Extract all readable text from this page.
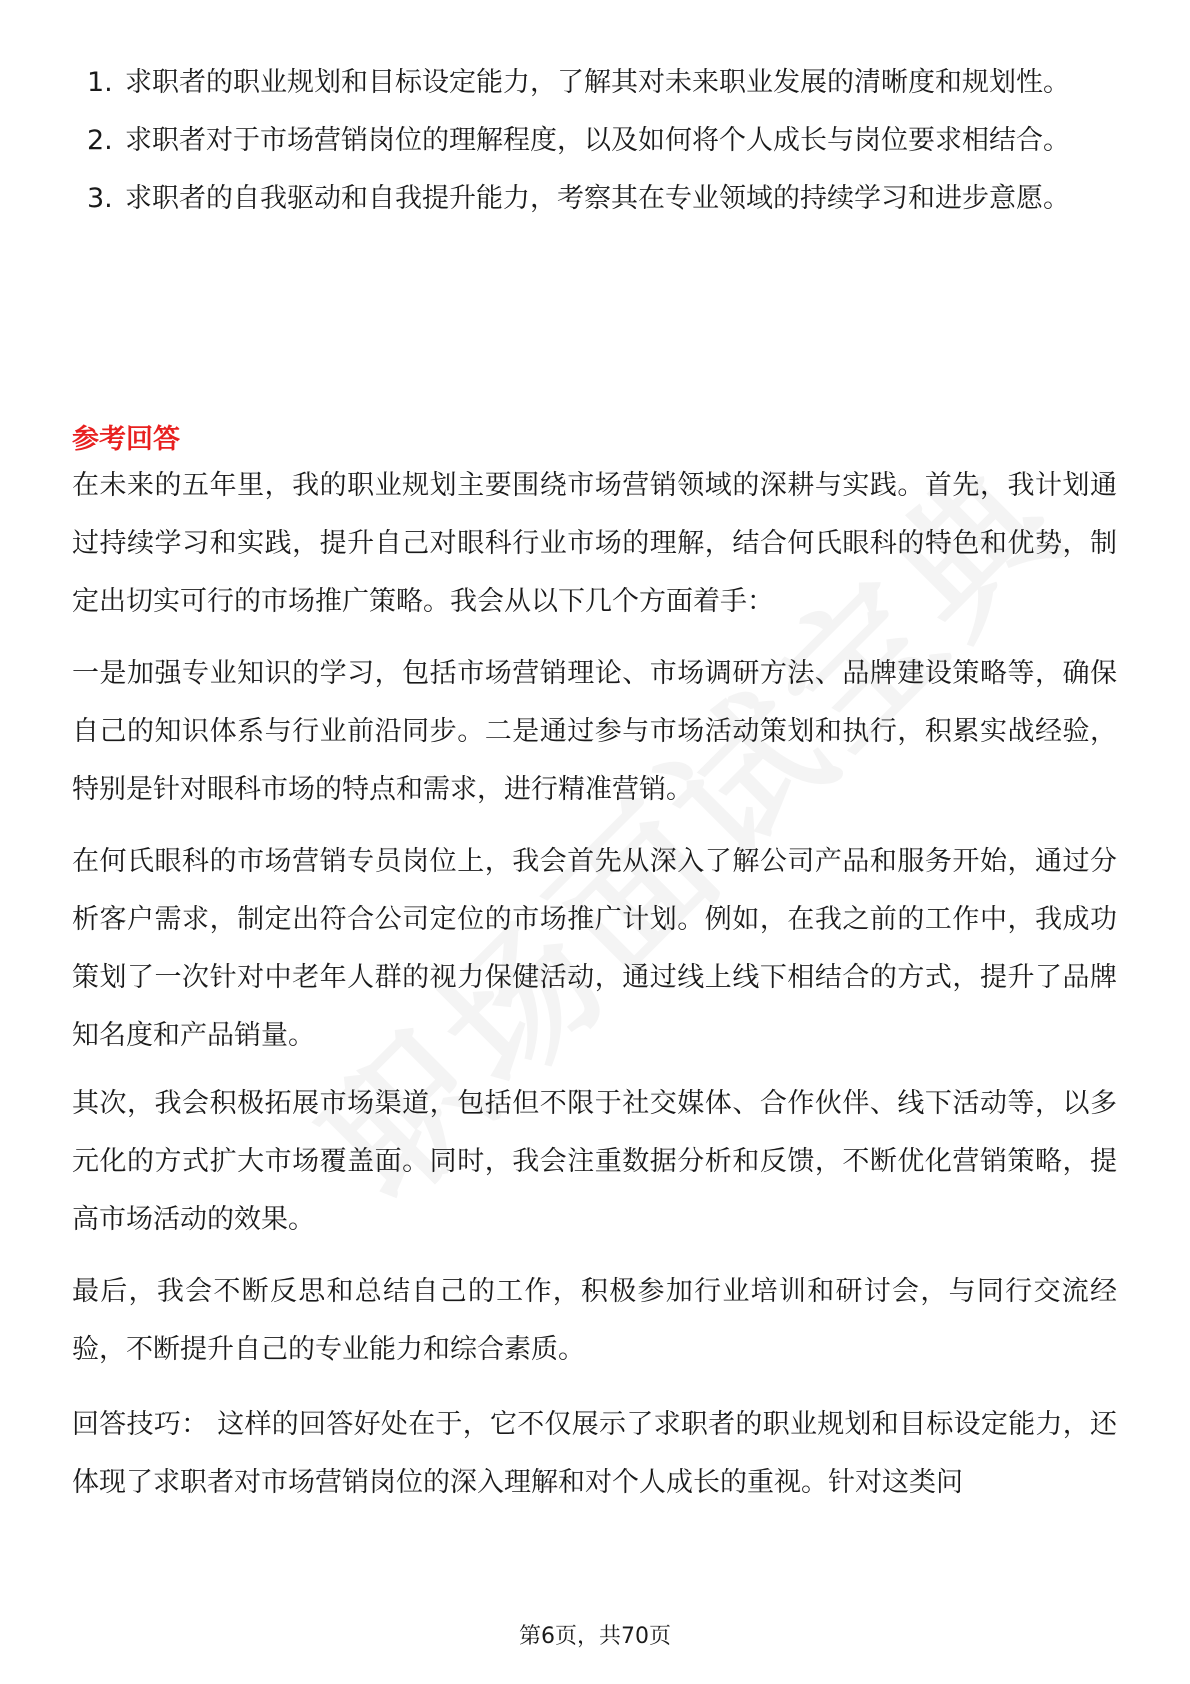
1. 求职者的职业规划和目标设定能力，了解其对未来职业发展的清晰度和规划性。
2. 求职者对于市场营销岗位的理解程度，以及如何将个人成长与岗位要求相结合。
3. 求职者的自我驱动和自我提升能力，考察其在专业领域的持续学习和进步意愿。
参考回答

在未来的五年里，我的职业规划主要围绕市场营销领域的深耕与实践。首先，我计划通过持续学习和实践，提升自己对眼科行业市场的理解，结合何氏眼科的特色和优势，制定出切实可行的市场推广策略。我会从以下几个方面着手：

一是加强专业知识的学习，包括市场营销理论、市场调研方法、品牌建设策略等，确保自己的知识体系与行业前沿同步。二是通过参与市场活动策划和执行，积累实战经验，特别是针对眼科市场的特点和需求，进行精准营销。

在何氏眼科的市场营销专员岗位上，我会首先从深入了解公司产品和服务开始，通过分析客户需求，制定出符合公司定位的市场推广计划。例如，在我之前的工作中，我成功策划了一次针对中老年人群的视力保健活动，通过线上线下相结合的方式，提升了品牌知名度和产品销量。

其次，我会积极拓展市场渠道，包括但不限于社交媒体、合作伙伴、线下活动等，以多元化的方式扩大市场覆盖面。同时，我会注重数据分析和反馈，不断优化营销策略，提高市场活动的效果。

最后，我会不断反思和总结自己的工作，积极参加行业培训和研讨会，与同行交流经验，不断提升自己的专业能力和综合素质。

回答技巧： 这样的回答好处在于，它不仅展示了求职者的职业规划和目标设定能力，还体现了求职者对市场营销岗位的深入理解和对个人成长的重视。针对这类问

第6页，共70页
